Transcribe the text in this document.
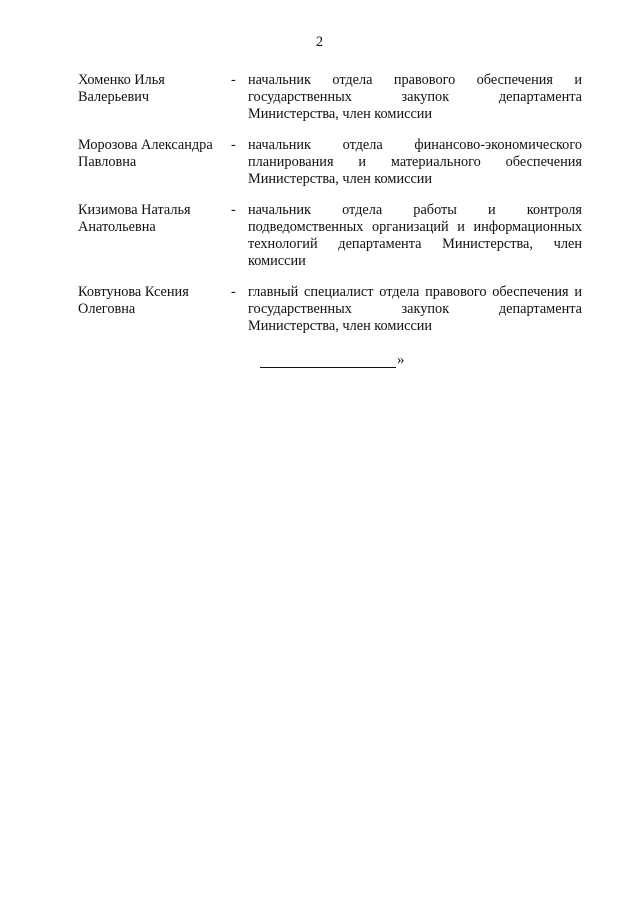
2
Хоменко Илья
Валерьевич
- начальник отдела правового обеспечения и государственных закупок департамента Министерства, член комиссии
Морозова Александра
Павловна
- начальник отдела финансово-экономического планирования и материального обеспечения Министерства, член комиссии
Кизимова Наталья
Анатольевна
- начальник отдела работы и контроля подведомственных организаций и информационных технологий департамента Министерства, член комиссии
Ковтунова Ксения
Олеговна
- главный специалист отдела правового обеспечения и государственных закупок департамента Министерства, член комиссии
»
